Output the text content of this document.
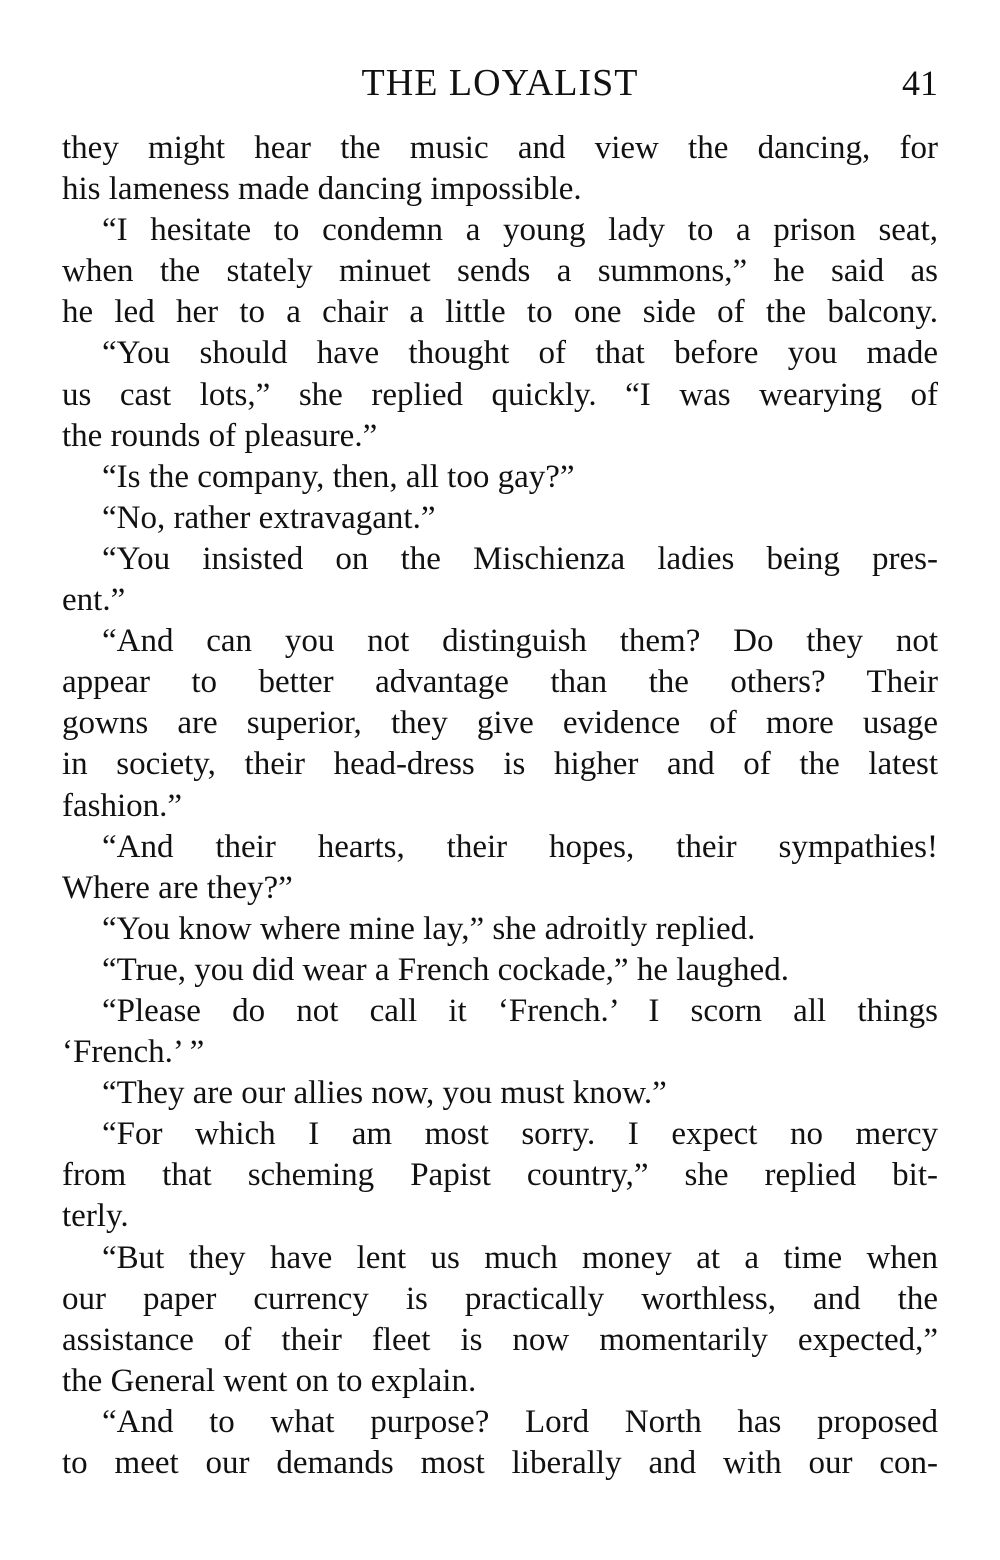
THE LOYALIST	41
they might hear the music and view the dancing, for
his lameness made dancing impossible.
“I hesitate to condemn a young lady to a prison seat,
when the stately minuet sends a summons,” he said as
he led her to a chair a little to one side of the balcony.
“You should have thought of that before you made
us cast lots,” she replied quickly. “I was wearying of
the rounds of pleasure.”
“Is the company, then, all too gay?”
“No, rather extravagant.”
“You insisted on the Mischienza ladies being pres-
ent.”
“And can you not distinguish them? Do they not
appear to better advantage than the others? Their
gowns are superior, they give evidence of more usage
in society, their head-dress is higher and of the latest
fashion.”
“And their hearts, their hopes, their sympathies!
Where are they?”
“You know where mine lay,” she adroitly replied.
“True, you did wear a French cockade,” he laughed.
“Please do not call it ‘French.’ I scorn all things
‘French.’ ”
“They are our allies now, you must know.”
“For which I am most sorry. I expect no mercy
from that scheming Papist country,” she replied bit-
terly.
“But they have lent us much money at a time when
our paper currency is practically worthless, and the
assistance of their fleet is now momentarily expected,”
the General went on to explain.
“And to what purpose? Lord North has proposed
to meet our demands most liberally and with our con-
